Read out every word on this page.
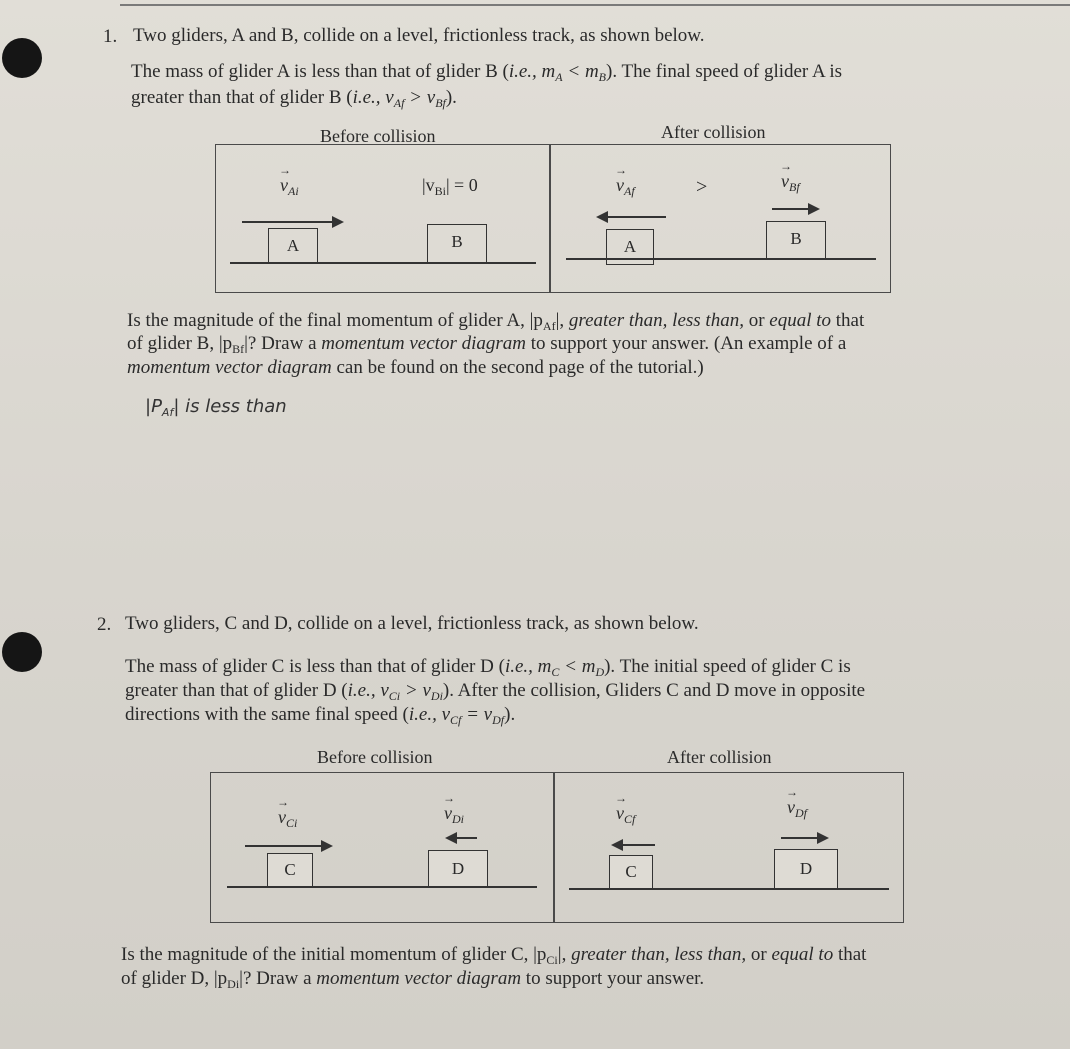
1. Two gliders, A and B, collide on a level, frictionless track, as shown below.
The mass of glider A is less than that of glider B (i.e., $m_A < m_B$). The final speed of glider A is
greater than that of glider B (i.e., $v_{Af} > v_{Bf}$).
Before collision	After collision
→ $v_{Ai}$
A
$|v_{Bi}| = 0$
B
→ $v_{Af}$	>
→	$v_{Bf}$
A	B
Is the magnitude of the final momentum of glider A, $|p_{Af}|$, greater than, less than, or equal to that
of glider B, $|p_{Bf}|$? Draw a momentum vector diagram to support your answer. (An example of a
momentum vector diagram can be found on the second page of the tutorial.)
$|P_{Af}|$ is less than
2. Two gliders, C and D, collide on a level, frictionless track, as shown below.
The mass of glider C is less than that of glider D (i.e., $m_C < m_D$). The initial speed of glider C is
greater than that of glider D (i.e., $v_{Ci} > v_{Di}$). After the collision, Gliders C and D move in opposite
directions with the same final speed (i.e., $v_{Cf} = v_{Df}$).
Before collision	After collision
→ $v_{Ci}$
C
→ $v_{Di}$
D
→ $v_{Cf}$
C
→ $v_{Df}$
D
Is the magnitude of the initial momentum of glider C, $|p_{Ci}|$, greater than, less than, or equal to that
of glider D, $|p_{Di}|$? Draw a momentum vector diagram to support your answer.
